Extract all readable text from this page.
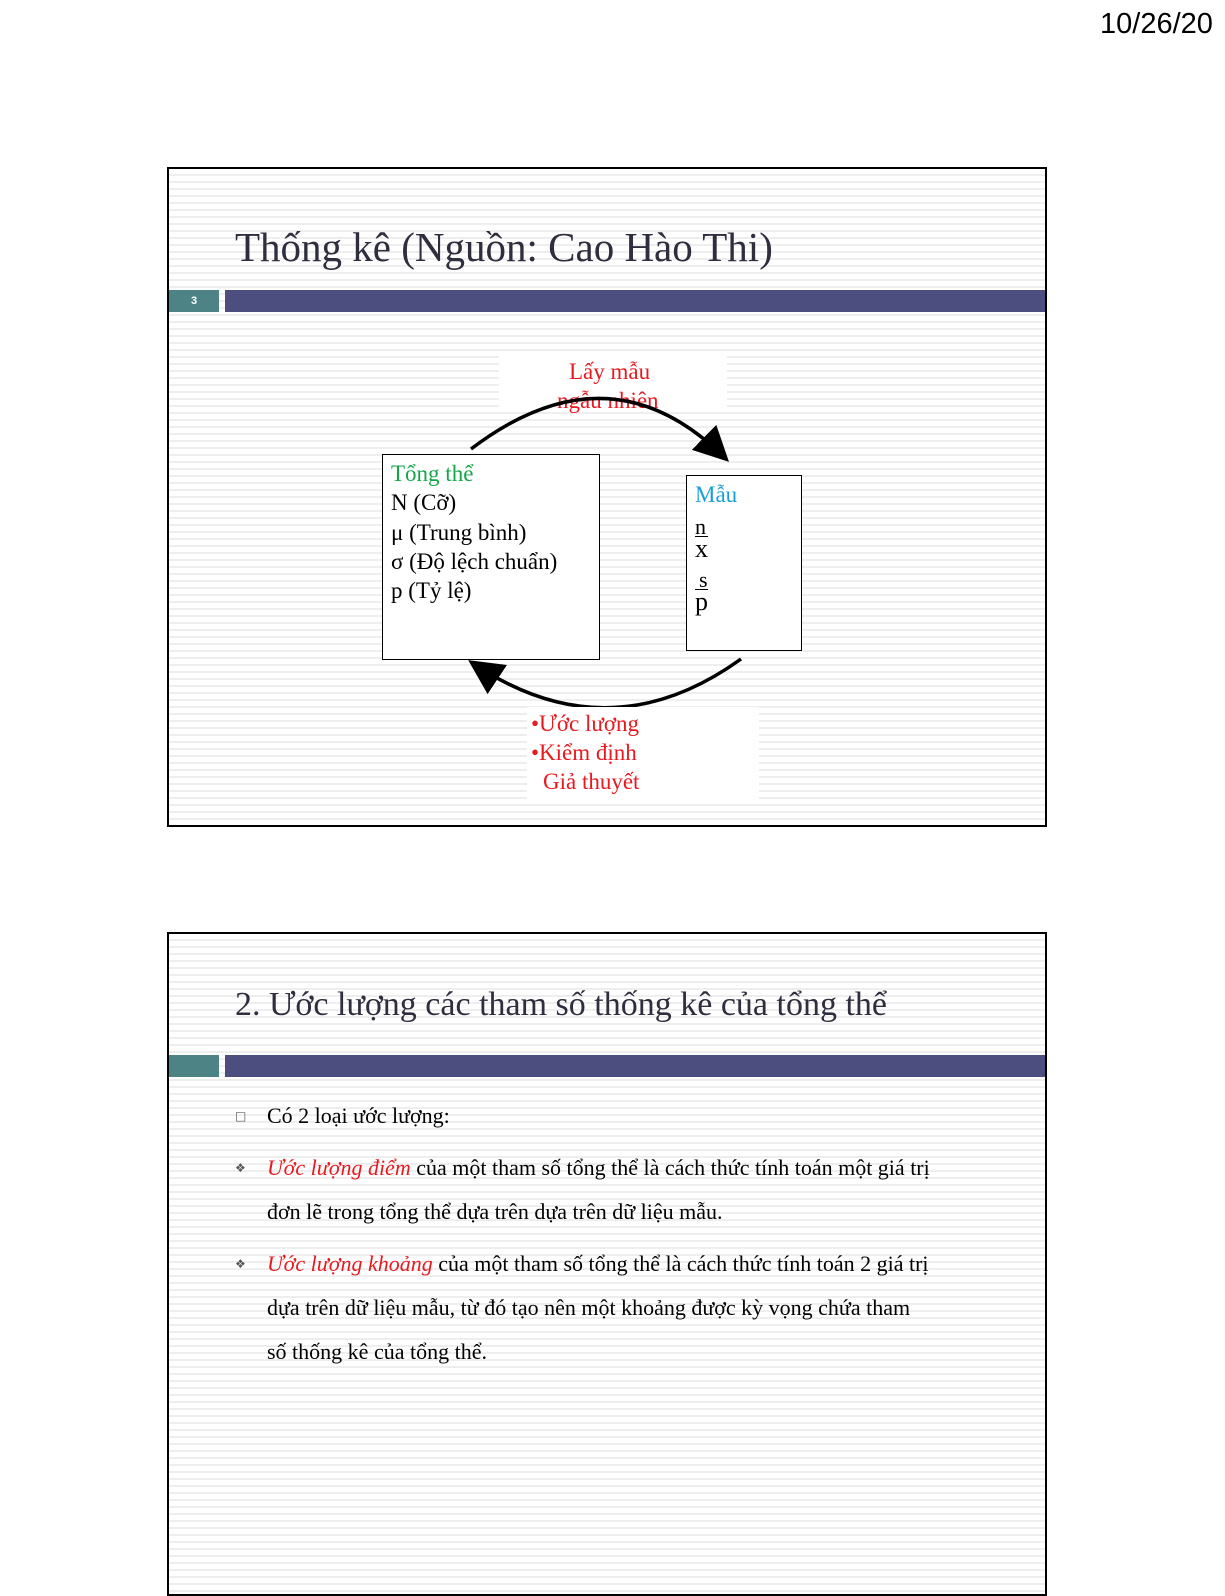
10/26/20
Thống kê (Nguồn: Cao Hào Thi)
3
Lấy mẫu
ngẫu nhiên
Tổng thể
N (Cỡ)
μ (Trung bình)
σ (Độ lệch chuẩn)
p (Tỷ lệ)
Mẫu
n
x
s
p
•Ước lượng
•Kiểm định
Giả thuyết
2. Ước lượng các tham số thống kê của tổng thể
□ Có 2 loại ước lượng:
❖ Ước lượng điểm của một tham số tổng thể là cách thức tính toán một giá trị
đơn lẽ trong tổng thể dựa trên dựa trên dữ liệu mẫu.
❖ Ước lượng khoảng của một tham số tổng thể là cách thức tính toán 2 giá trị
dựa trên dữ liệu mẫu, từ đó tạo nên một khoảng được kỳ vọng chứa tham
số thống kê của tổng thể.
